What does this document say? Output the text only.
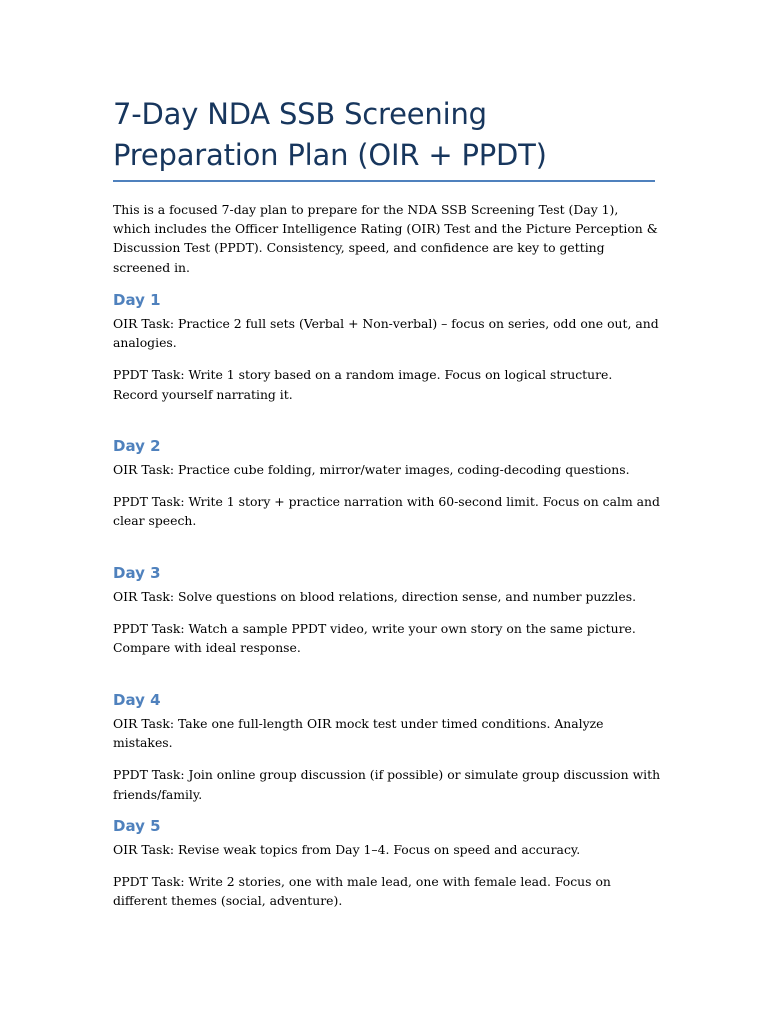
7-Day NDA SSB Screening Preparation Plan (OIR + PPDT)

This is a focused 7-day plan to prepare for the NDA SSB Screening Test (Day 1), which includes the Officer Intelligence Rating (OIR) Test and the Picture Perception & Discussion Test (PPDT). Consistency, speed, and confidence are key to getting screened in.

Day 1

OIR Task: Practice 2 full sets (Verbal + Non-verbal) – focus on series, odd one out, and analogies.

PPDT Task: Write 1 story based on a random image. Focus on logical structure. Record yourself narrating it.

Day 2

OIR Task: Practice cube folding, mirror/water images, coding-decoding questions.

PPDT Task: Write 1 story + practice narration with 60-second limit. Focus on calm and clear speech.

Day 3

OIR Task: Solve questions on blood relations, direction sense, and number puzzles.

PPDT Task: Watch a sample PPDT video, write your own story on the same picture. Compare with ideal response.

Day 4

OIR Task: Take one full-length OIR mock test under timed conditions. Analyze mistakes.

PPDT Task: Join online group discussion (if possible) or simulate group discussion with friends/family.

Day 5

OIR Task: Revise weak topics from Day 1–4. Focus on speed and accuracy.

PPDT Task: Write 2 stories, one with male lead, one with female lead. Focus on different themes (social, adventure).
